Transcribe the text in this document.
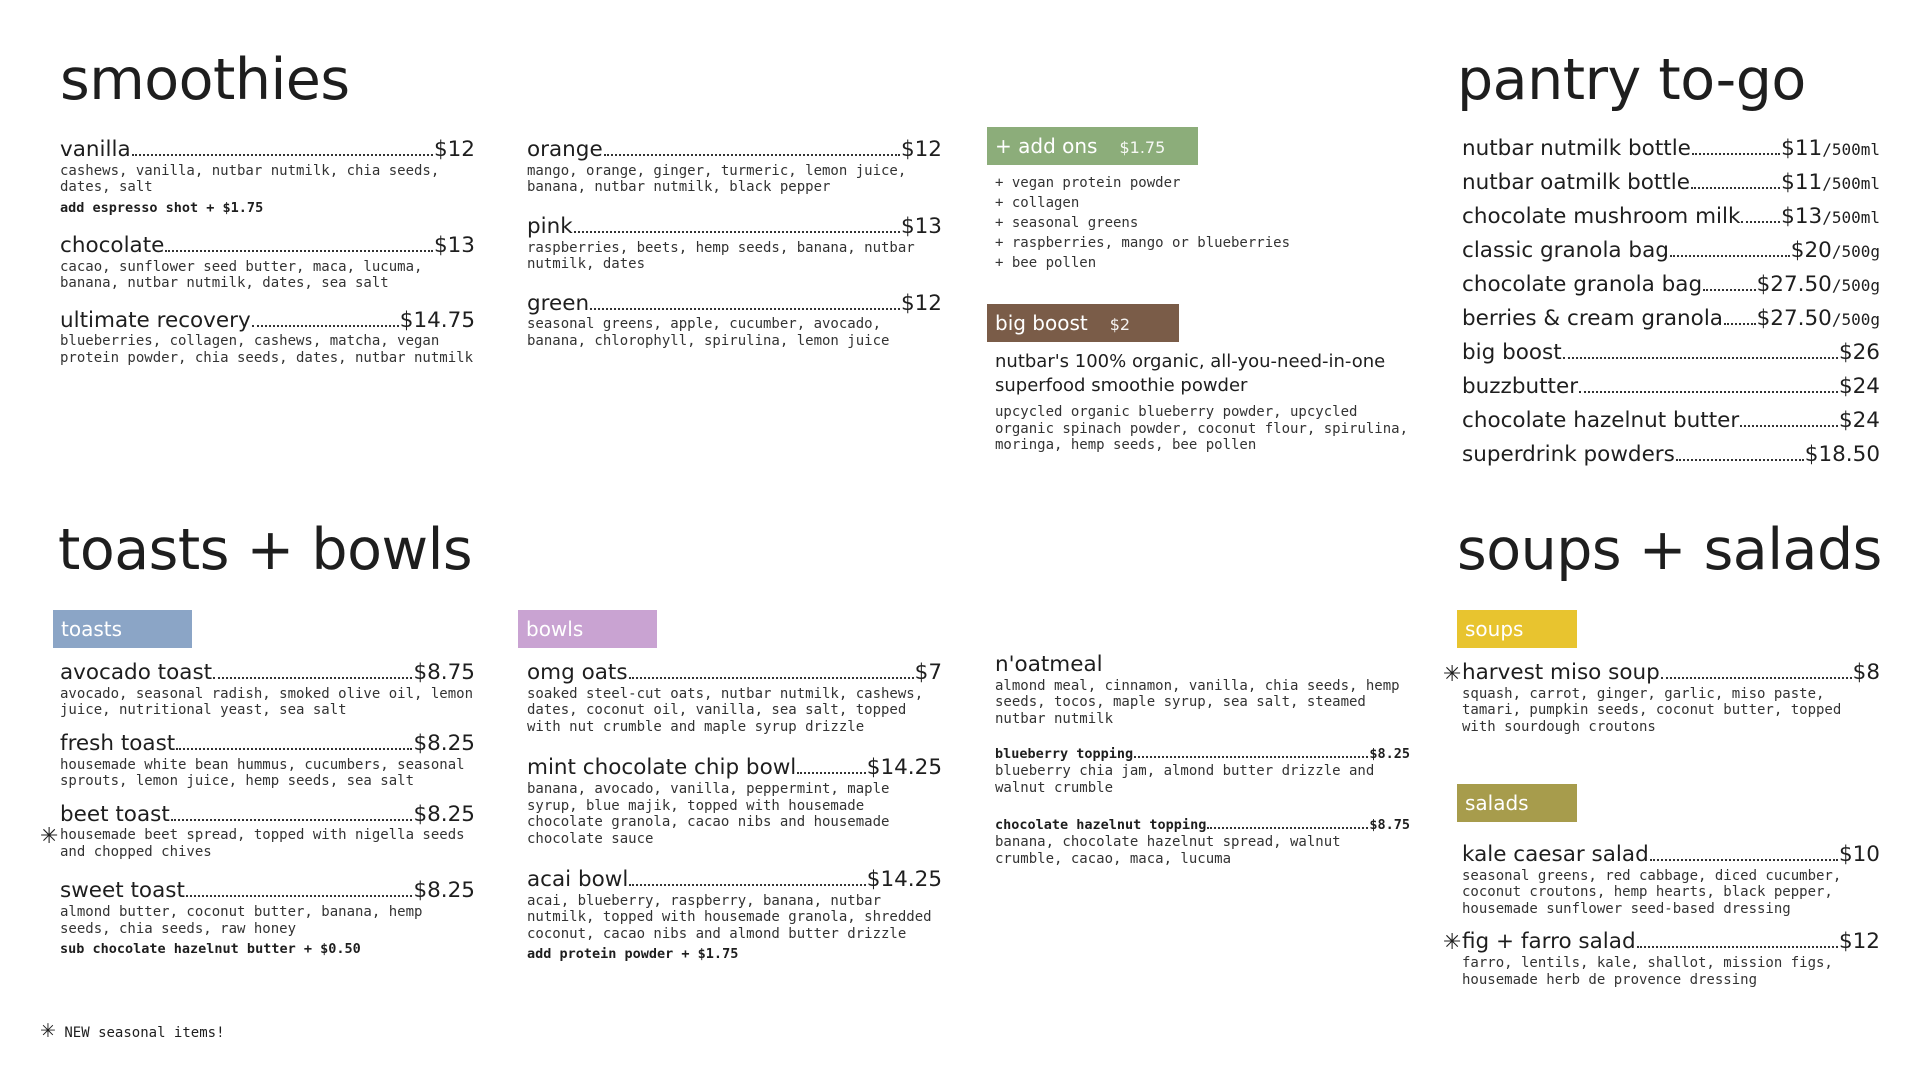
smoothies	pantry to-go
toasts + bowls	soups + salads
vanilla	$12
cashews, vanilla, nutbar nutmilk, chia seeds, dates, salt
add espresso shot + $1.75
chocolate	$13
cacao, sunflower seed butter, maca, lucuma, banana, nutbar nutmilk, dates, sea salt
ultimate recovery	$14.75
blueberries, collagen, cashews, matcha, vegan protein powder, chia seeds, dates, nutbar nutmilk
orange	$12
mango, orange, ginger, turmeric, lemon juice, banana, nutbar nutmilk, black pepper
pink	$13
raspberries, beets, hemp seeds, banana, nutbar nutmilk, dates
green	$12
seasonal greens, apple, cucumber, avocado, banana, chlorophyll, spirulina, lemon juice
+ add ons $1.75
+ vegan protein powder
+ collagen
+ seasonal greens
+ raspberries, mango or blueberries
+ bee pollen
big boost $2
nutbar's 100% organic, all-you-need-in-one superfood smoothie powder
upcycled organic blueberry powder, upcycled organic spinach powder, coconut flour, spirulina, moringa, hemp seeds, bee pollen
nutbar nutmilk bottle	$11 /500ml
nutbar oatmilk bottle	$11 /500ml
chocolate mushroom milk $13 /500ml
classic granola bag	$20 /500g
chocolate granola bag	$27.50 /500g
berries & cream granola $27.50 /500g
big boost	$26
buzzbutter	$24
chocolate hazelnut butter	$24
superdrink powders	$18.50
toasts
✳
avocado toast	$8.75
avocado, seasonal radish, smoked olive oil, lemon juice, nutritional yeast, sea salt
fresh toast	$8.25
housemade white bean hummus, cucumbers, seasonal sprouts, lemon juice, hemp seeds, sea salt
beet toast	$8.25
housemade beet spread, topped with nigella seeds and chopped chives
sweet toast	$8.25
almond butter, coconut butter, banana, hemp seeds, chia seeds, raw honey
sub chocolate hazelnut butter + $0.50
bowls
omg oats	$7
soaked steel-cut oats, nutbar nutmilk, cashews, dates, coconut oil, vanilla, sea salt, topped with nut crumble and maple syrup drizzle
mint chocolate chip bowl	$14.25
banana, avocado, vanilla, peppermint, maple syrup, blue majik, topped with housemade chocolate granola, cacao nibs and housemade chocolate sauce
acai bowl	$14.25
acai, blueberry, raspberry, banana, nutbar nutmilk, topped with housemade granola, shredded coconut, cacao nibs and almond butter drizzle
add protein powder + $1.75
n'oatmeal
almond meal, cinnamon, vanilla, chia seeds, hemp seeds, tocos, maple syrup, sea salt, steamed nutbar nutmilk
blueberry topping	$8.25
blueberry chia jam, almond butter drizzle and walnut crumble
chocolate hazelnut topping	$8.75
banana, chocolate hazelnut spread, walnut crumble, cacao, maca, lucuma
soups
✳ harvest miso soup	$8
squash, carrot, ginger, garlic, miso paste, tamari, pumpkin seeds, coconut butter, topped with sourdough croutons
salads
✳
kale caesar salad	$10
seasonal greens, red cabbage, diced cucumber, coconut croutons, hemp hearts, black pepper, housemade sunflower seed-based dressing
fig + farro salad	$12
farro, lentils, kale, shallot, mission figs, housemade herb de provence dressing
✳ NEW seasonal items!
